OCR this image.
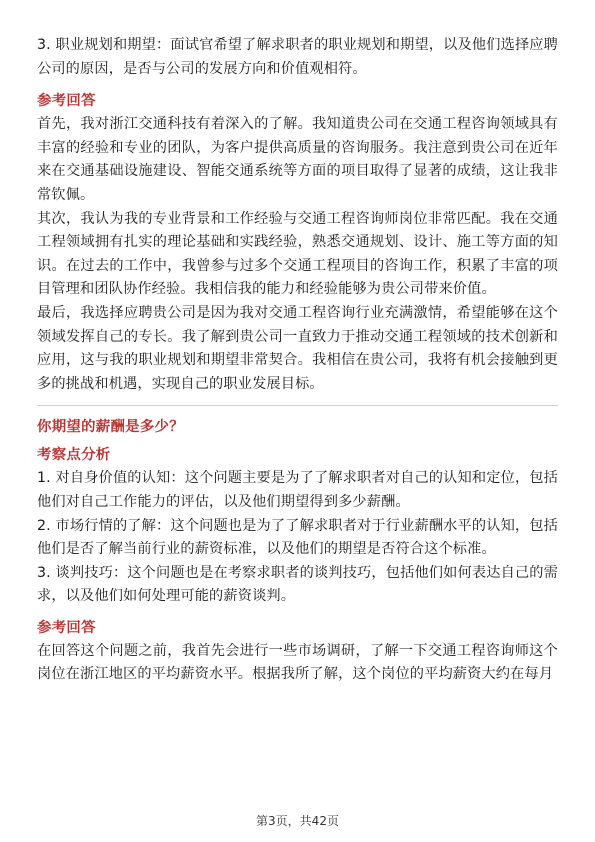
3. 职业规划和期望：面试官希望了解求职者的职业规划和期望，以及他们选择应聘公司的原因，是否与公司的发展方向和价值观相符。

参考回答

首先，我对浙江交通科技有着深入的了解。我知道贵公司在交通工程咨询领域具有丰富的经验和专业的团队，为客户提供高质量的咨询服务。我注意到贵公司在近年来在交通基础设施建设、智能交通系统等方面的项目取得了显著的成绩，这让我非常钦佩。

其次，我认为我的专业背景和工作经验与交通工程咨询师岗位非常匹配。我在交通工程领域拥有扎实的理论基础和实践经验，熟悉交通规划、设计、施工等方面的知识。在过去的工作中，我曾参与过多个交通工程项目的咨询工作，积累了丰富的项目管理和团队协作经验。我相信我的能力和经验能够为贵公司带来价值。

最后，我选择应聘贵公司是因为我对交通工程咨询行业充满激情，希望能够在这个领域发挥自己的专长。我了解到贵公司一直致力于推动交通工程领域的技术创新和应用，这与我的职业规划和期望非常契合。我相信在贵公司，我将有机会接触到更多的挑战和机遇，实现自己的职业发展目标。

你期望的薪酬是多少？

考察点分析

1. 对自身价值的认知：这个问题主要是为了了解求职者对自己的认知和定位，包括他们对自己工作能力的评估，以及他们期望得到多少薪酬。

2. 市场行情的了解：这个问题也是为了了解求职者对于行业薪酬水平的认知，包括他们是否了解当前行业的薪资标准，以及他们的期望是否符合这个标准。

3. 谈判技巧：这个问题也是在考察求职者的谈判技巧，包括他们如何表达自己的需求，以及他们如何处理可能的薪资谈判。

参考回答

在回答这个问题之前，我首先会进行一些市场调研，了解一下交通工程咨询师这个岗位在浙江地区的平均薪资水平。根据我所了解，这个岗位的平均薪资大约在每月

第3页，共42页
